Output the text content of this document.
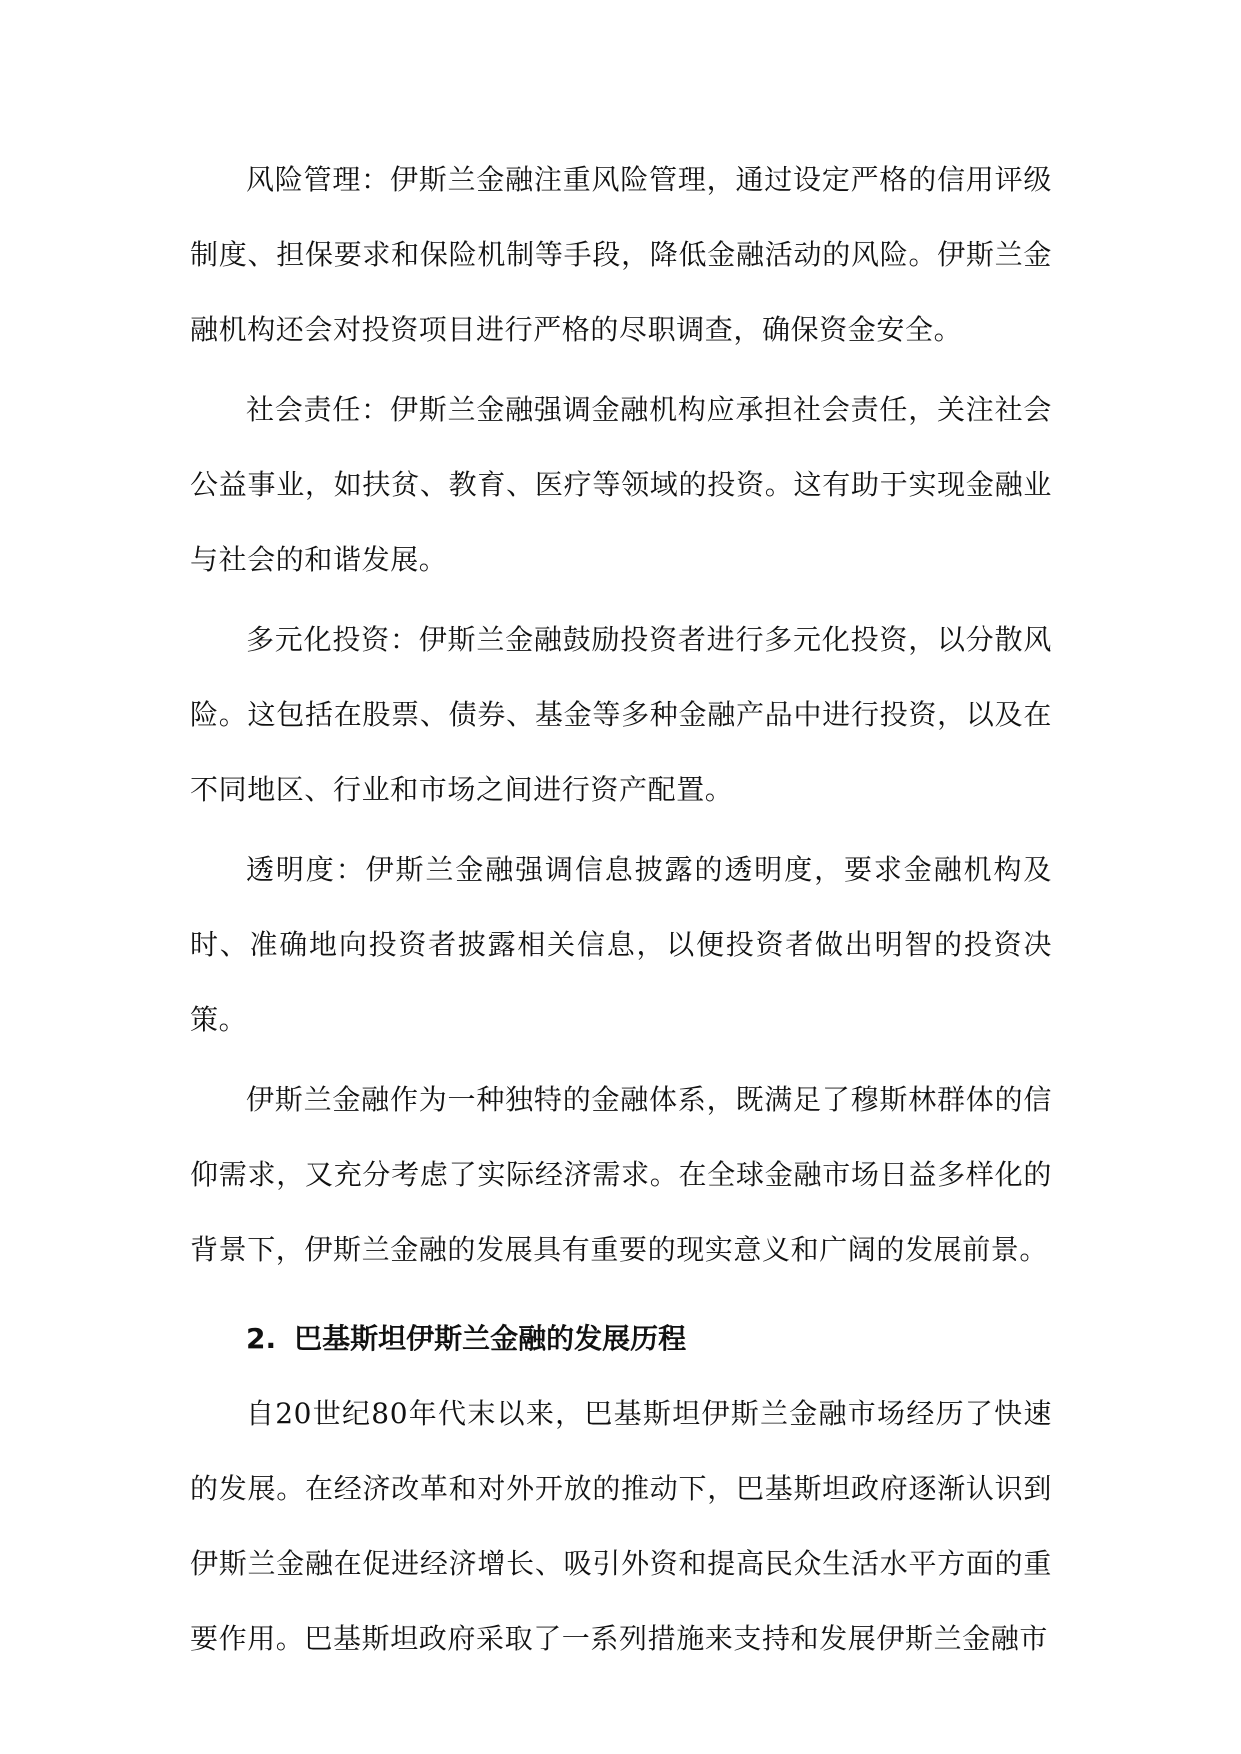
风险管理：伊斯兰金融注重风险管理，通过设定严格的信用评级制度、担保要求和保险机制等手段，降低金融活动的风险。伊斯兰金融机构还会对投资项目进行严格的尽职调查，确保资金安全。

社会责任：伊斯兰金融强调金融机构应承担社会责任，关注社会公益事业，如扶贫、教育、医疗等领域的投资。这有助于实现金融业与社会的和谐发展。

多元化投资：伊斯兰金融鼓励投资者进行多元化投资，以分散风险。这包括在股票、债券、基金等多种金融产品中进行投资，以及在不同地区、行业和市场之间进行资产配置。

透明度：伊斯兰金融强调信息披露的透明度，要求金融机构及时、准确地向投资者披露相关信息，以便投资者做出明智的投资决策。

伊斯兰金融作为一种独特的金融体系，既满足了穆斯林群体的信仰需求，又充分考虑了实际经济需求。在全球金融市场日益多样化的背景下，伊斯兰金融的发展具有重要的现实意义和广阔的发展前景。

2. 巴基斯坦伊斯兰金融的发展历程

自20世纪80年代末以来，巴基斯坦伊斯兰金融市场经历了快速的发展。在经济改革和对外开放的推动下，巴基斯坦政府逐渐认识到伊斯兰金融在促进经济增长、吸引外资和提高民众生活水平方面的重要作用。巴基斯坦政府采取了一系列措施来支持和发展伊斯兰金融市
